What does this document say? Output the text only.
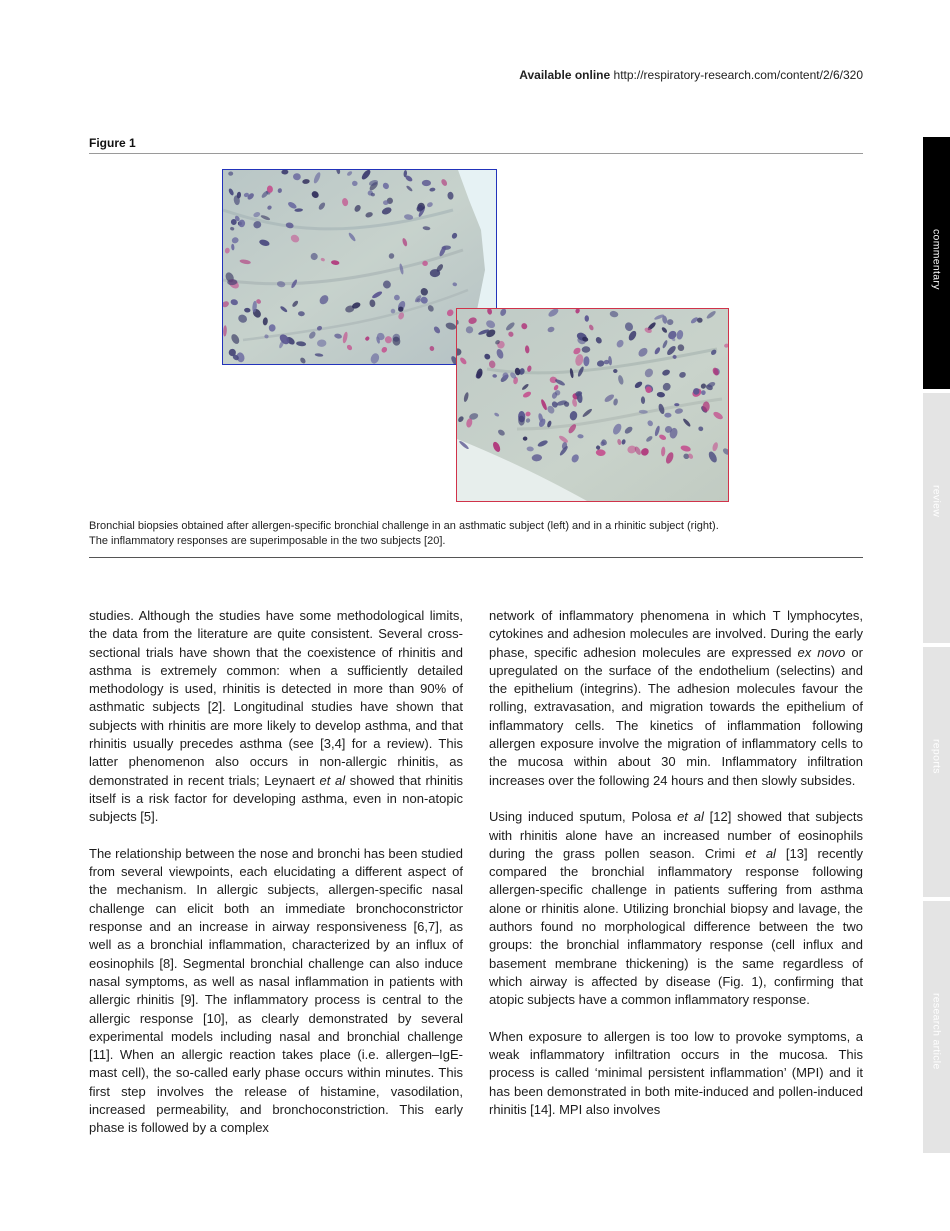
Available online http://respiratory-research.com/content/2/6/320
Figure 1
Bronchial biopsies obtained after allergen-specific bronchial challenge in an asthmatic subject (left) and in a rhinitic subject (right).
The inflammatory responses are superimposable in the two subjects [20].

studies. Although the studies have some methodological limits, the data from the literature are quite consistent. Several cross-sectional trials have shown that the coexistence of rhinitis and asthma is extremely common: when a sufficiently detailed methodology is used, rhinitis is detected in more than 90% of asthmatic subjects [2]. Longitudinal studies have shown that subjects with rhinitis are more likely to develop asthma, and that rhinitis usually precedes asthma (see [3,4] for a review). This latter phenomenon also occurs in non-allergic rhinitis, as demonstrated in recent trials; Leynaert et al showed that rhinitis itself is a risk factor for developing asthma, even in non-atopic subjects [5].

The relationship between the nose and bronchi has been studied from several viewpoints, each elucidating a different aspect of the mechanism. In allergic subjects, allergen-specific nasal challenge can elicit both an immediate bronchoconstrictor response and an increase in airway responsiveness [6,7], as well as a bronchial inflammation, characterized by an influx of eosinophils [8]. Segmental bronchial challenge can also induce nasal symptoms, as well as nasal inflammation in patients with allergic rhinitis [9]. The inflammatory process is central to the allergic response [10], as clearly demonstrated by several experimental models including nasal and bronchial challenge [11]. When an allergic reaction takes place (i.e. allergen–IgE-mast cell), the so-called early phase occurs within minutes. This first step involves the release of histamine, vasodilation, increased permeability, and bronchoconstriction. This early phase is followed by a complex

network of inflammatory phenomena in which T lymphocytes, cytokines and adhesion molecules are involved. During the early phase, specific adhesion molecules are expressed ex novo or upregulated on the surface of the endothelium (selectins) and the epithelium (integrins). The adhesion molecules favour the rolling, extravasation, and migration towards the epithelium of inflammatory cells. The kinetics of inflammation following allergen exposure involve the migration of inflammatory cells to the mucosa within about 30 min. Inflammatory infiltration increases over the following 24 hours and then slowly subsides.

Using induced sputum, Polosa et al [12] showed that subjects with rhinitis alone have an increased number of eosinophils during the grass pollen season. Crimi et al [13] recently compared the bronchial inflammatory response following allergen-specific challenge in patients suffering from asthma alone or rhinitis alone. Utilizing bronchial biopsy and lavage, the authors found no morphological difference between the two groups: the bronchial inflammatory response (cell influx and basement membrane thickening) is the same regardless of which airway is affected by disease (Fig. 1), confirming that atopic subjects have a common inflammatory response.

When exposure to allergen is too low to provoke symptoms, a weak inflammatory infiltration occurs in the mucosa. This process is called ‘minimal persistent inflammation’ (MPI) and it has been demonstrated in both mite-induced and pollen-induced rhinitis [14]. MPI also involves

commentary
review
reports
research article
